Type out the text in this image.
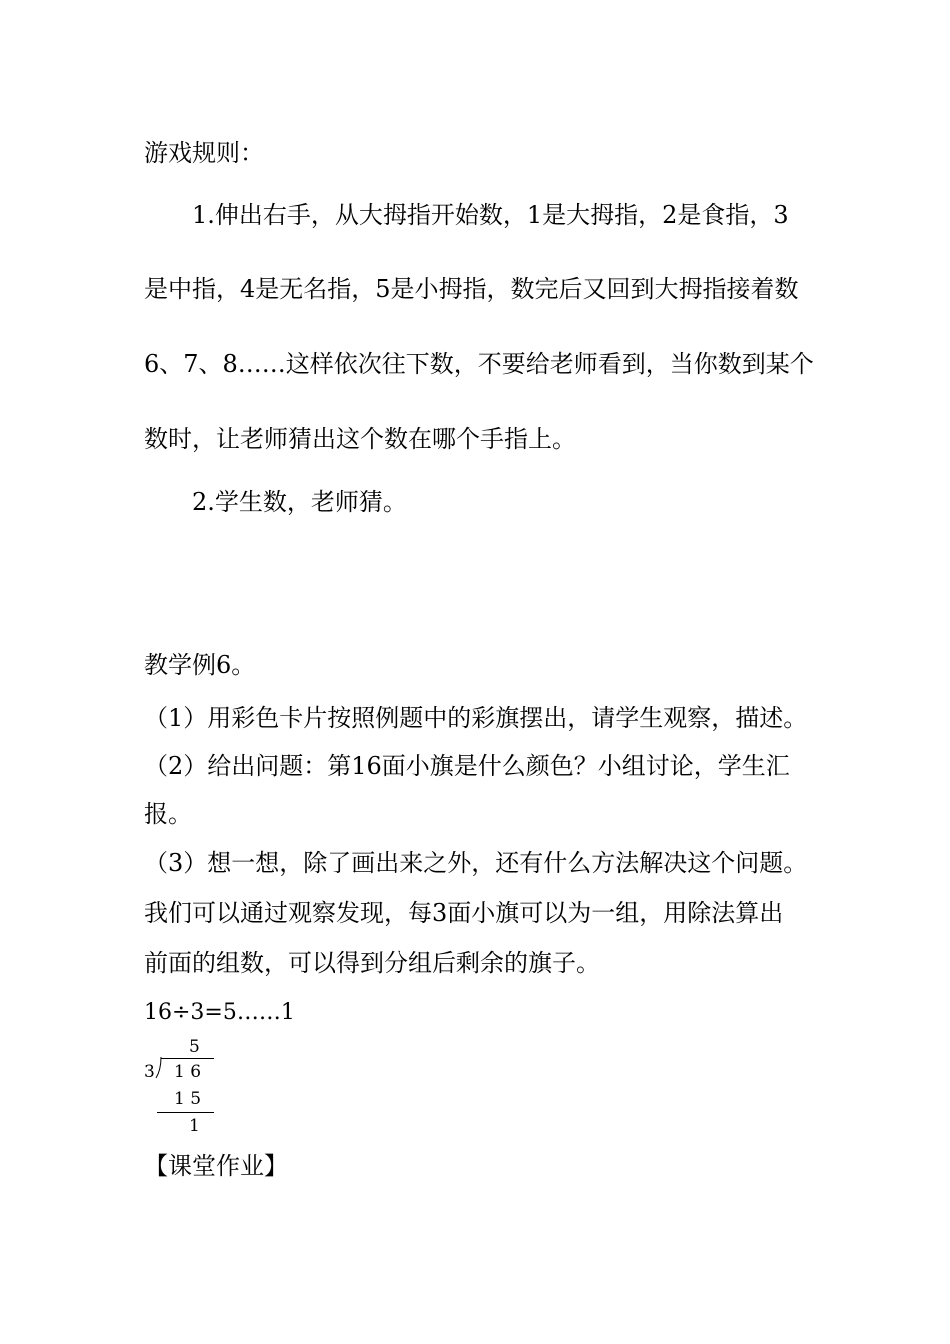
游戏规则：
1.伸出右手，从大拇指开始数，1是大拇指，2是食指，3
是中指，4是无名指，5是小拇指，数完后又回到大拇指接着数
6、7、8……这样依次往下数，不要给老师看到，当你数到某个
数时，让老师猜出这个数在哪个手指上。
2.学生数，老师猜。
教学例6。
（1）用彩色卡片按照例题中的彩旗摆出，请学生观察，描述。
（2）给出问题：第16面小旗是什么颜色？小组讨论，学生汇
报。
（3）想一想，除了画出来之外，还有什么方法解决这个问题。
我们可以通过观察发现，每3面小旗可以为一组，用除法算出
前面的组数，可以得到分组后剩余的旗子。
16÷3=5……1
5
3 1 6
1 5
1
【课堂作业】
